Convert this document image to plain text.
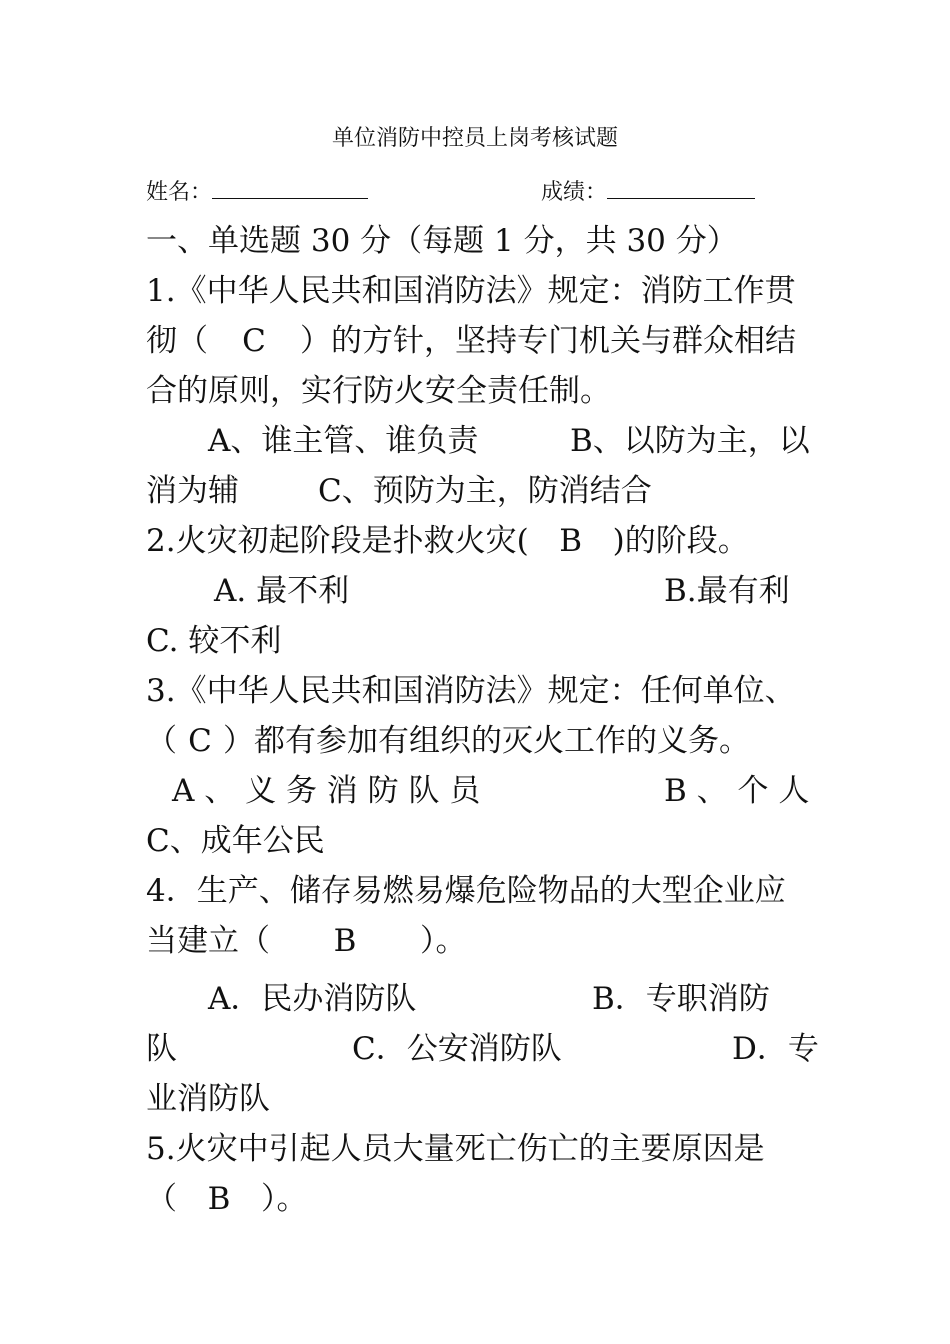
单位消防中控员上岗考核试题
姓名：	成绩：
一、单选题 30 分（每题 1 分，共 30 分）
1.《中华人民共和国消防法》规定：消防工作贯
彻（ C ）的方针，坚持专门机关与群众相结
合的原则，实行防火安全责任制。
A、谁主管、谁负责	B、以防为主，以
消为辅	C、预防为主，防消结合
2.火灾初起阶段是扑救火灾( B )的阶段。
A. 最不利	B.最有利
C. 较不利
3.《中华人民共和国消防法》规定：任何单位、
（ C ）都有参加有组织的灭火工作的义务。
A 、 义 务 消 防 队 员	B 、 个 人
C、成年公民
4．生产、储存易燃易爆危险物品的大型企业应
当建立（ B ）。
A．民办消防队	B．专职消防
队	C．公安消防队	D．专
业消防队
5.火灾中引起人员大量死亡伤亡的主要原因是
（ B ）。
